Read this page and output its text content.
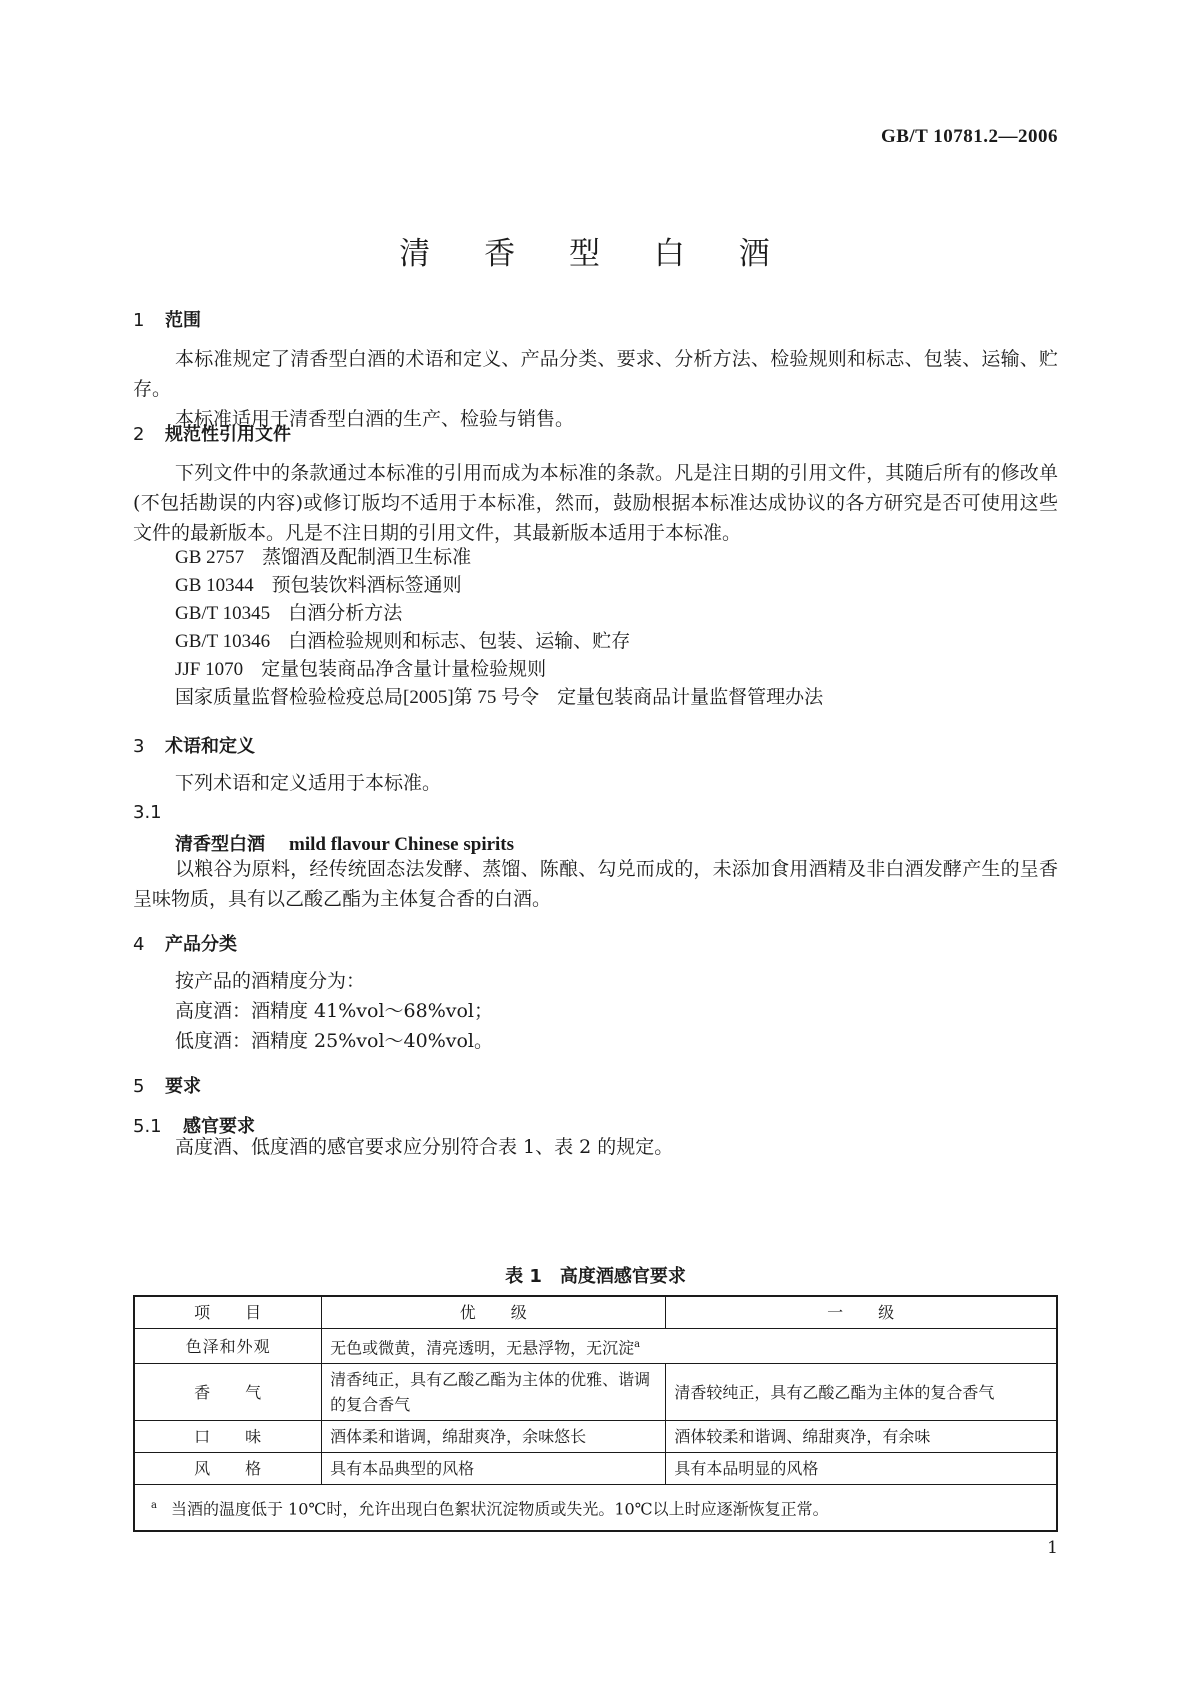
GB/T 10781.2—2006
清 香 型 白 酒
1 范围

本标准规定了清香型白酒的术语和定义、产品分类、要求、分析方法、检验规则和标志、包装、运输、贮存。

本标准适用于清香型白酒的生产、检验与销售。

2 规范性引用文件

下列文件中的条款通过本标准的引用而成为本标准的条款。凡是注日期的引用文件，其随后所有的修改单(不包括勘误的内容)或修订版均不适用于本标准，然而，鼓励根据本标准达成协议的各方研究是否可使用这些文件的最新版本。凡是不注日期的引用文件，其最新版本适用于本标准。

GB 2757 蒸馏酒及配制酒卫生标准
GB 10344 预包装饮料酒标签通则
GB/T 10345 白酒分析方法
GB/T 10346 白酒检验规则和标志、包装、运输、贮存
JJF 1070 定量包装商品净含量计量检验规则
国家质量监督检验检疫总局[2005]第 75 号令 定量包装商品计量监督管理办法
3 术语和定义

下列术语和定义适用于本标准。

3.1
清香型白酒 mild flavour Chinese spirits

以粮谷为原料，经传统固态法发酵、蒸馏、陈酿、勾兑而成的，未添加食用酒精及非白酒发酵产生的呈香呈味物质，具有以乙酸乙酯为主体复合香的白酒。

4 产品分类

按产品的酒精度分为：

高度酒：酒精度 41%vol～68%vol；

低度酒：酒精度 25%vol～40%vol。

5 要求
5.1 感官要求

高度酒、低度酒的感官要求应分别符合表 1、表 2 的规定。

表 1　高度酒感官要求
项　　目	优　　级	一　　级
色泽和外观	无色或微黄，清亮透明，无悬浮物，无沉淀$^a$
香　　气	清香纯正，具有乙酸乙酯为主体的优雅、谐调的复合香气	清香较纯正，具有乙酸乙酯为主体的复合香气
口　　味	酒体柔和谐调，绵甜爽净，余味悠长	酒体较柔和谐调、绵甜爽净，有余味
风　　格	具有本品典型的风格	具有本品明显的风格
$^a$ 当酒的温度低于 10℃时，允许出现白色絮状沉淀物质或失光。10℃以上时应逐渐恢复正常。		
1
